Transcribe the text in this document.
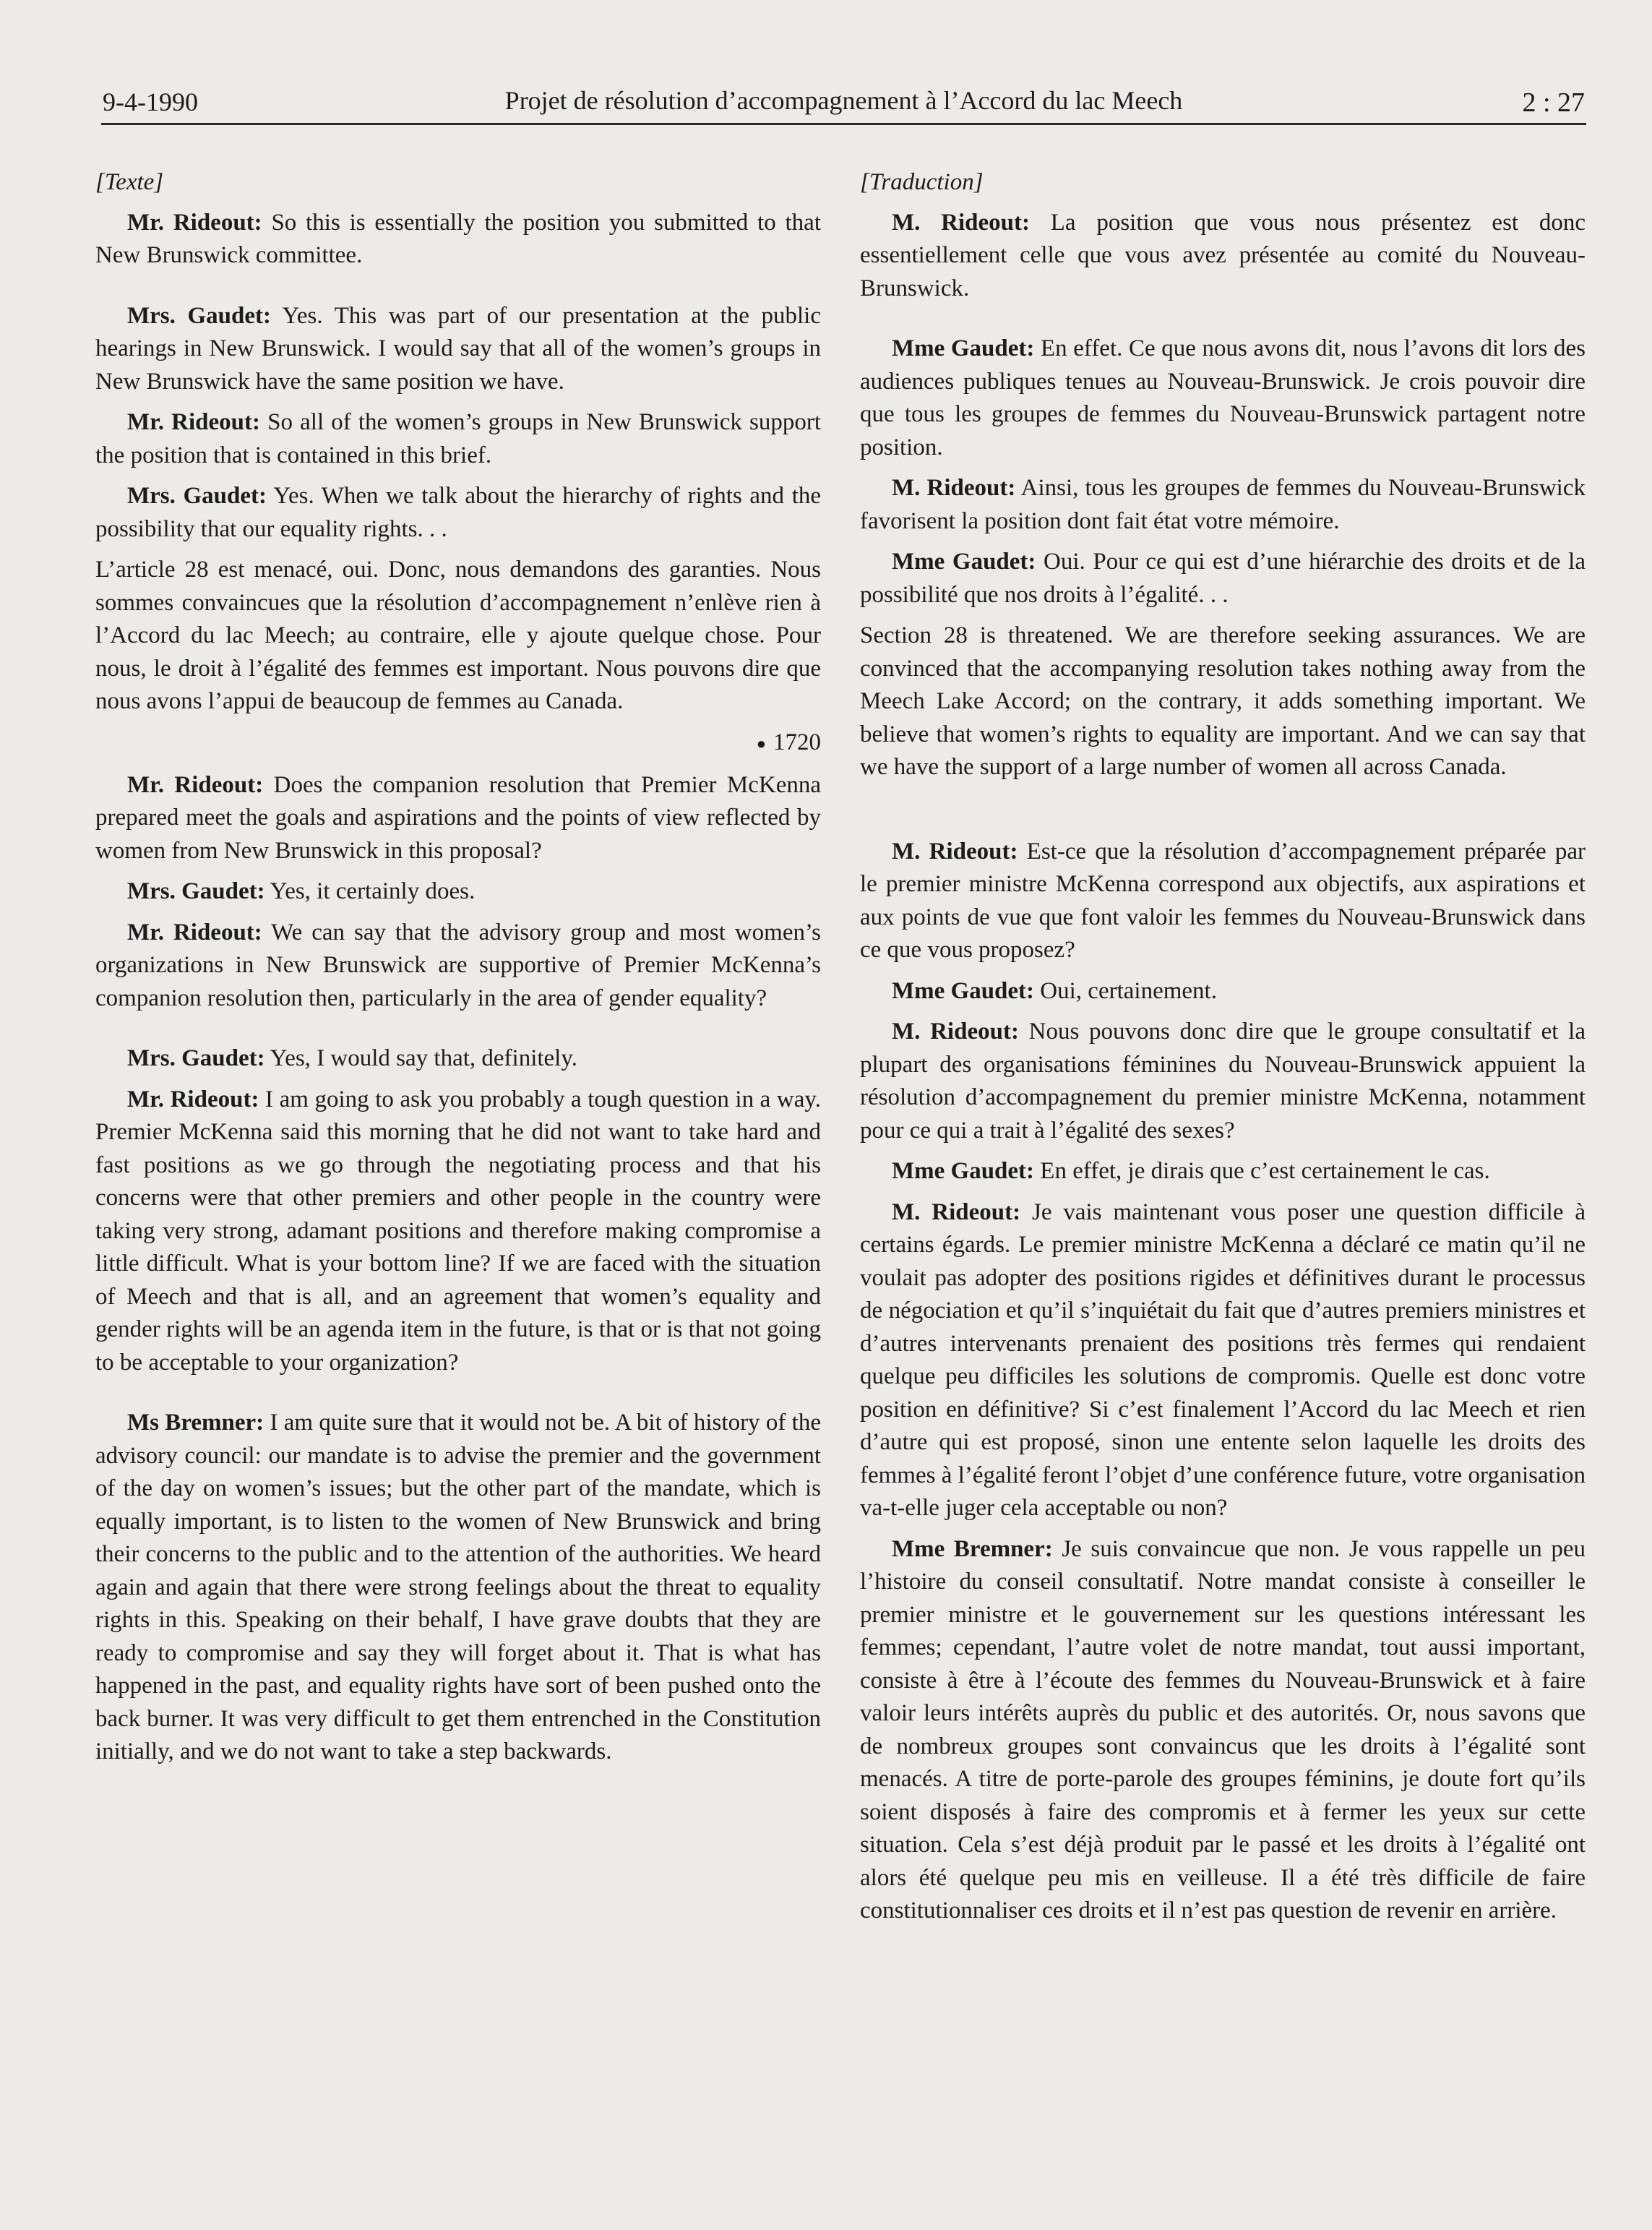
9-4-1990	Projet de résolution d’accompagnement à l’Accord du lac Meech	2 : 27
[Texte]

Mr. Rideout: So this is essentially the position you submitted to that New Brunswick committee.

Mrs. Gaudet: Yes. This was part of our presentation at the public hearings in New Brunswick. I would say that all of the women’s groups in New Brunswick have the same position we have.

Mr. Rideout: So all of the women’s groups in New Brunswick support the position that is contained in this brief.

Mrs. Gaudet: Yes. When we talk about the hierarchy of rights and the possibility that our equality rights. . .

L’article 28 est menacé, oui. Donc, nous demandons des garanties. Nous sommes convaincues que la résolution d’accompagnement n’enlève rien à l’Accord du lac Meech; au contraire, elle y ajoute quelque chose. Pour nous, le droit à l’égalité des femmes est important. Nous pouvons dire que nous avons l’appui de beaucoup de femmes au Canada.

● 1720

Mr. Rideout: Does the companion resolution that Premier McKenna prepared meet the goals and aspirations and the points of view reflected by women from New Brunswick in this proposal?

Mrs. Gaudet: Yes, it certainly does.

Mr. Rideout: We can say that the advisory group and most women’s organizations in New Brunswick are supportive of Premier McKenna’s companion resolution then, particularly in the area of gender equality?

Mrs. Gaudet: Yes, I would say that, definitely.

Mr. Rideout: I am going to ask you probably a tough question in a way. Premier McKenna said this morning that he did not want to take hard and fast positions as we go through the negotiating process and that his concerns were that other premiers and other people in the country were taking very strong, adamant positions and therefore making compromise a little difficult. What is your bottom line? If we are faced with the situation of Meech and that is all, and an agreement that women’s equality and gender rights will be an agenda item in the future, is that or is that not going to be acceptable to your organization?

Ms Bremner: I am quite sure that it would not be. A bit of history of the advisory council: our mandate is to advise the premier and the government of the day on women’s issues; but the other part of the mandate, which is equally important, is to listen to the women of New Brunswick and bring their concerns to the public and to the attention of the authorities. We heard again and again that there were strong feelings about the threat to equality rights in this. Speaking on their behalf, I have grave doubts that they are ready to compromise and say they will forget about it. That is what has happened in the past, and equality rights have sort of been pushed onto the back burner. It was very difficult to get them entrenched in the Constitution initially, and we do not want to take a step backwards.

[Traduction]

M. Rideout: La position que vous nous présentez est donc essentiellement celle que vous avez présentée au comité du Nouveau-Brunswick.

Mme Gaudet: En effet. Ce que nous avons dit, nous l’avons dit lors des audiences publiques tenues au Nouveau-Brunswick. Je crois pouvoir dire que tous les groupes de femmes du Nouveau-Brunswick partagent notre position.

M. Rideout: Ainsi, tous les groupes de femmes du Nouveau-Brunswick favorisent la position dont fait état votre mémoire.

Mme Gaudet: Oui. Pour ce qui est d’une hiérarchie des droits et de la possibilité que nos droits à l’égalité. . .

Section 28 is threatened. We are therefore seeking assurances. We are convinced that the accompanying resolution takes nothing away from the Meech Lake Accord; on the contrary, it adds something important. We believe that women’s rights to equality are important. And we can say that we have the support of a large number of women all across Canada.

M. Rideout: Est-ce que la résolution d’accompagnement préparée par le premier ministre McKenna correspond aux objectifs, aux aspirations et aux points de vue que font valoir les femmes du Nouveau-Brunswick dans ce que vous proposez?

Mme Gaudet: Oui, certainement.

M. Rideout: Nous pouvons donc dire que le groupe consultatif et la plupart des organisations féminines du Nouveau-Brunswick appuient la résolution d’accompagnement du premier ministre McKenna, notamment pour ce qui a trait à l’égalité des sexes?

Mme Gaudet: En effet, je dirais que c’est certainement le cas.

M. Rideout: Je vais maintenant vous poser une question difficile à certains égards. Le premier ministre McKenna a déclaré ce matin qu’il ne voulait pas adopter des positions rigides et définitives durant le processus de négociation et qu’il s’inquiétait du fait que d’autres premiers ministres et d’autres intervenants prenaient des positions très fermes qui rendaient quelque peu difficiles les solutions de compromis. Quelle est donc votre position en définitive? Si c’est finalement l’Accord du lac Meech et rien d’autre qui est proposé, sinon une entente selon laquelle les droits des femmes à l’égalité feront l’objet d’une conférence future, votre organisation va-t-elle juger cela acceptable ou non?

Mme Bremner: Je suis convaincue que non. Je vous rappelle un peu l’histoire du conseil consultatif. Notre mandat consiste à conseiller le premier ministre et le gouvernement sur les questions intéressant les femmes; cependant, l’autre volet de notre mandat, tout aussi important, consiste à être à l’écoute des femmes du Nouveau-Brunswick et à faire valoir leurs intérêts auprès du public et des autorités. Or, nous savons que de nombreux groupes sont convaincus que les droits à l’égalité sont menacés. A titre de porte-parole des groupes féminins, je doute fort qu’ils soient disposés à faire des compromis et à fermer les yeux sur cette situation. Cela s’est déjà produit par le passé et les droits à l’égalité ont alors été quelque peu mis en veilleuse. Il a été très difficile de faire constitutionnaliser ces droits et il n’est pas question de revenir en arrière.
